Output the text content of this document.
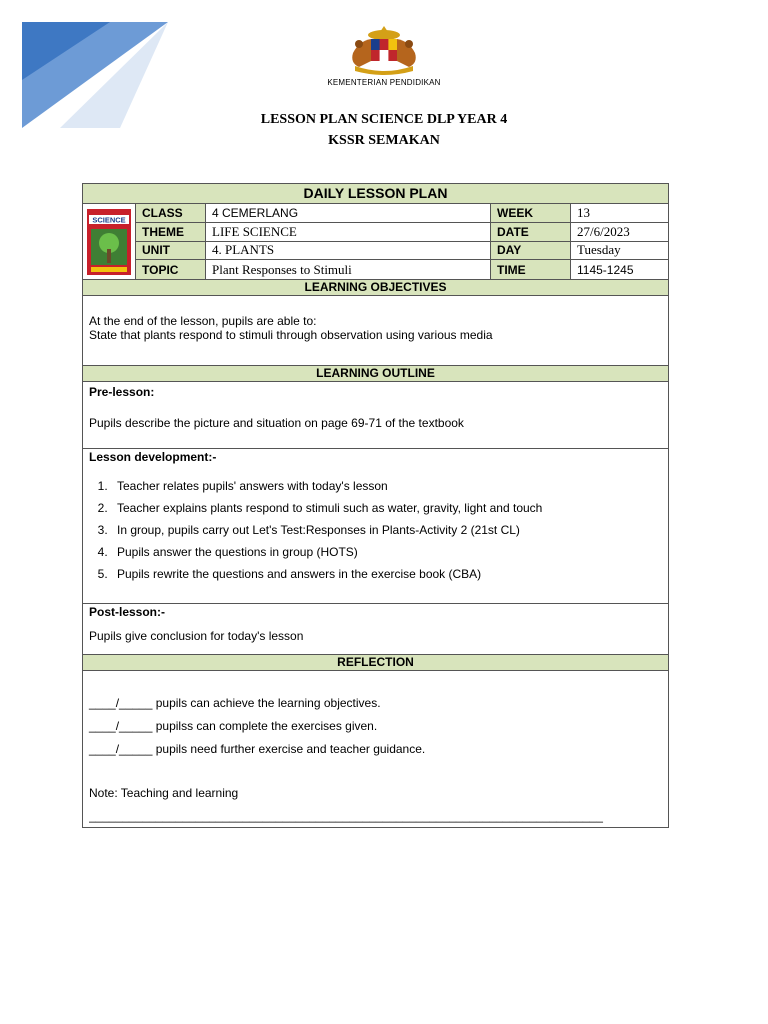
KEMENTERIAN PENDIDIKAN
LESSON PLAN SCIENCE DLP YEAR 4
KSSR SEMAKAN
DAILY LESSON PLAN
SCIENCE	CLASS	4 CEMERLANG	WEEK	13
THEME	LIFE SCIENCE	DATE	27/6/2023
UNIT	4. PLANTS	DAY	Tuesday
TOPIC	Plant Responses to Stimuli	TIME	1145-1245
LEARNING OBJECTIVES

At the end of the lesson, pupils are able to:

State that plants respond to stimuli through observation using various media

LEARNING OUTLINE

Pre-lesson:

Pupils describe the picture and situation on page 69-71 of the textbook

Lesson development:-

1. Teacher relates pupils' answers with today's lesson
2. Teacher explains plants respond to stimuli such as water, gravity, light and touch
3. In group, pupils carry out Let's Test:Responses in Plants-Activity 2 (21st CL)
4. Pupils answer the questions in group (HOTS)
5. Pupils rewrite the questions and answers in the exercise book (CBA)

Post-lesson:-

Pupils give conclusion for today's lesson

REFLECTION

____/_____ pupils can achieve the learning objectives.

____/_____ pupilss can complete the exercises given.

____/_____ pupils need further exercise and teacher guidance.

Note: Teaching and learning

_____________________________________________________________________________
